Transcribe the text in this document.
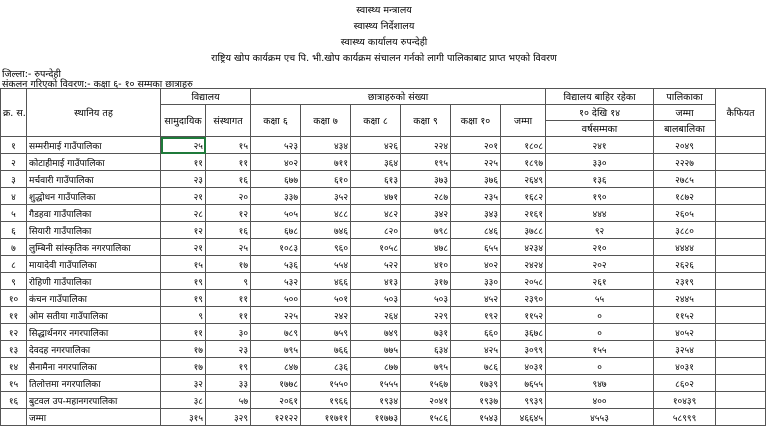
स्वास्थ्य मन्त्रालय
स्वास्थ्य निर्देशालय
स्वास्थ्य कार्यालय रुपन्देही
राष्ट्रिय खोप कार्यक्रम एच पि. भी.खोप कार्यक्रम संचालन गर्नको लागी पालिकाबाट प्राप्त भएको विवरण
जिल्ला:- रुपन्देही
संकलन गरिएको विवरण:- कक्षा ६- १० सम्मका छात्राहरु
क्र. स.	स्थानिय तह	विद्यालय		छात्राहरुको संख्या						विद्यालय बाहिर रहेका	पालिकाका	कैफियत
		सामुदायिक	संस्थागत	कक्षा ६	कक्षा ७	कक्षा ८	कक्षा ९	कक्षा १०	जम्मा	१० देखि १४	जम्मा	
										वर्षसम्मका	बालबालिका	
१	सम्मरीमाई गाउँपालिका	२५	१५	५२३	४३४	४२६	२२४	२०१	१८०८	२४१	२०४९	
२	कोटाहीमाई गाउँपालिका	११	११	४०२	७११	३६४	१९५	२२५	१८९७	३३०	२२२७	
३	मर्चवारी गाउँपालिका	२३	१६	६७७	६१०	६१३	३७३	३७६	२६४९	१३६	२७८५	
४	शुद्धोधन गाउँपालिका	२१	२०	३३७	३५२	४७१	२८७	२३५	१६८२	१९०	१८७२	
५	गैडहवा गाउँपालिका	२८	१२	५०५	४८८	४८२	३४२	३४३	२१६१	४४४	२६०५	
६	सियारी गाउँपालिका	१२	१६	६७८	७४६	८२०	७९८	८४६	३७८८	९२	३८८०	
७	लुम्बिनी सांस्कृतिक नगरपालिका	२१	२५	१०८३	९६०	१०५८	४७८	६५५	४२३४	२१०	४४४४	
८	मायादेवी गाउँपालिका	१५	१७	५३६	५५४	५२२	४१०	४०२	२४२४	२०२	२६२६	
९	रोहिणी गाउँपालिका	१९	९	५३२	४६६	४१३	३१७	३३०	२०५८	२६१	२३१९	
१०	कंचन गाउँपालिका	१९	११	५००	५०१	५०३	५०३	४५२	२३९०	५५	२४४५	
११	ओम सतीया गाउँपालिका	९	११	२२५	२४२	२६४	२२९	१९२	११५२	०	११५२	
१२	सिद्धार्थनगर नगरपालिका	११	३०	७८९	७५९	७४९	७३१	६६०	३६७८	०	४०५२	
१३	देवदह नगरपालिका	१७	२३	७९५	७६६	७७५	६३४	४२५	३०९९	१५५	३२५४	
१४	सैनामैना नगरपालिका	१७	१९	८४७	८३६	८७७	७९५	७८६	४०३१	०	४०३१	
१५	तिलोत्तमा नगरपालिका	३२	३३	१७७८	१५५०	१५५५	१५६७	१७३९	७६५५	९४७	८६०२	
१६	बुटवल उप-महानगरपालिका	३८	५७	२०६१	१९६६	१९३४	२०४१	१९३७	९९३९	४००	१०४३९	
	जम्मा	३१५	३२९	१२१२२	११७११	११७७३	१५८६	१५४३	४६६४५	४५५३	५८९९९	
